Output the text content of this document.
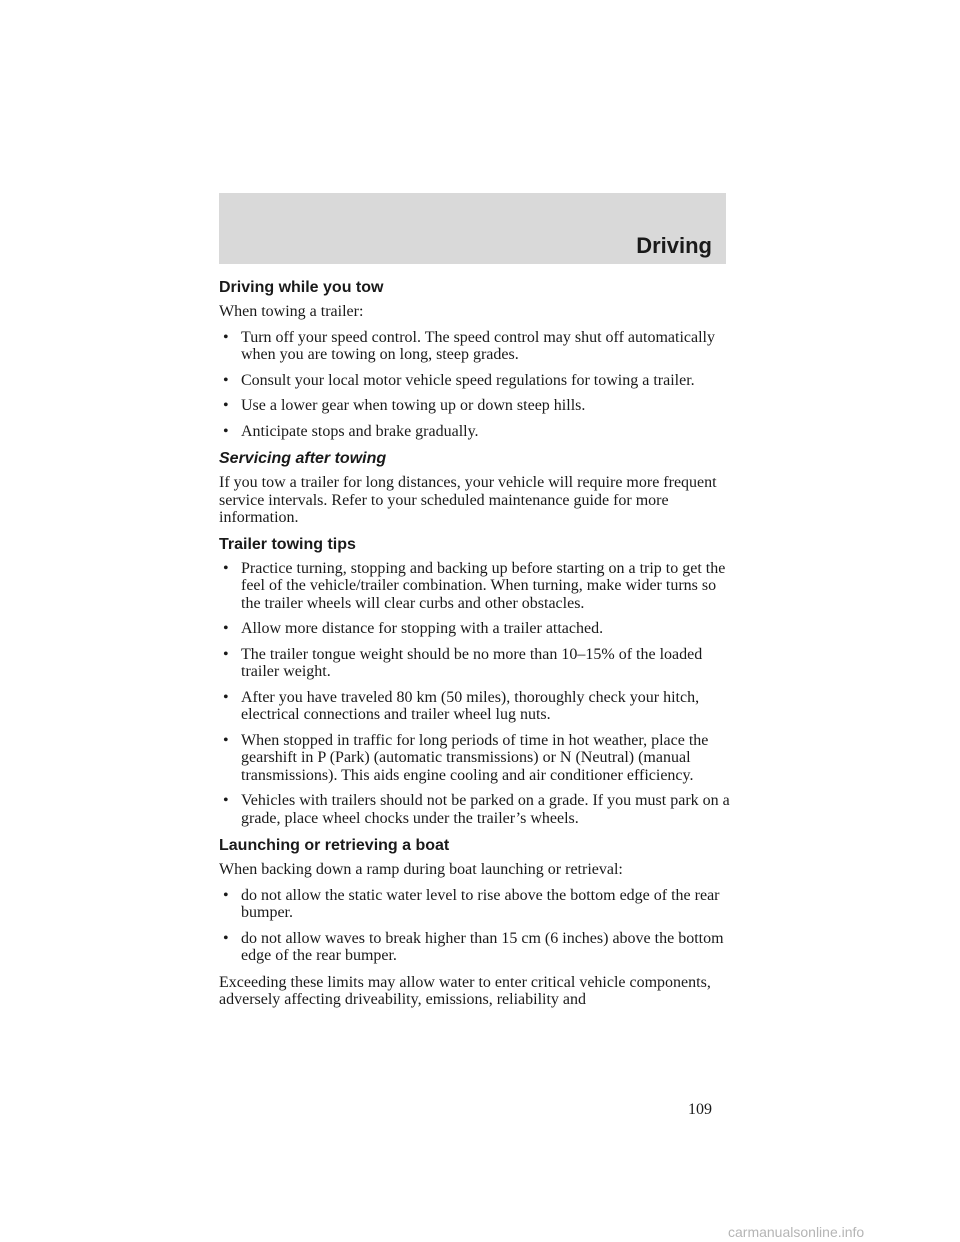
Driving
Driving while you tow

When towing a trailer:

• Turn off your speed control. The speed control may shut off automatically when you are towing on long, steep grades.
• Consult your local motor vehicle speed regulations for towing a trailer.
• Use a lower gear when towing up or down steep hills.
• Anticipate stops and brake gradually.
Servicing after towing

If you tow a trailer for long distances, your vehicle will require more frequent service intervals. Refer to your scheduled maintenance guide for more information.

Trailer towing tips
• Practice turning, stopping and backing up before starting on a trip to get the feel of the vehicle/trailer combination. When turning, make wider turns so the trailer wheels will clear curbs and other obstacles.
• Allow more distance for stopping with a trailer attached.
• The trailer tongue weight should be no more than 10–15% of the loaded trailer weight.
• After you have traveled 80 km (50 miles), thoroughly check your hitch, electrical connections and trailer wheel lug nuts.
• When stopped in traffic for long periods of time in hot weather, place the gearshift in P (Park) (automatic transmissions) or N (Neutral) (manual transmissions). This aids engine cooling and air conditioner efficiency.
• Vehicles with trailers should not be parked on a grade. If you must park on a grade, place wheel chocks under the trailer’s wheels.
Launching or retrieving a boat

When backing down a ramp during boat launching or retrieval:

• do not allow the static water level to rise above the bottom edge of the rear bumper.
• do not allow waves to break higher than 15 cm (6 inches) above the bottom edge of the rear bumper.

Exceeding these limits may allow water to enter critical vehicle components, adversely affecting driveability, emissions, reliability and

109
carmanualsonline.info
